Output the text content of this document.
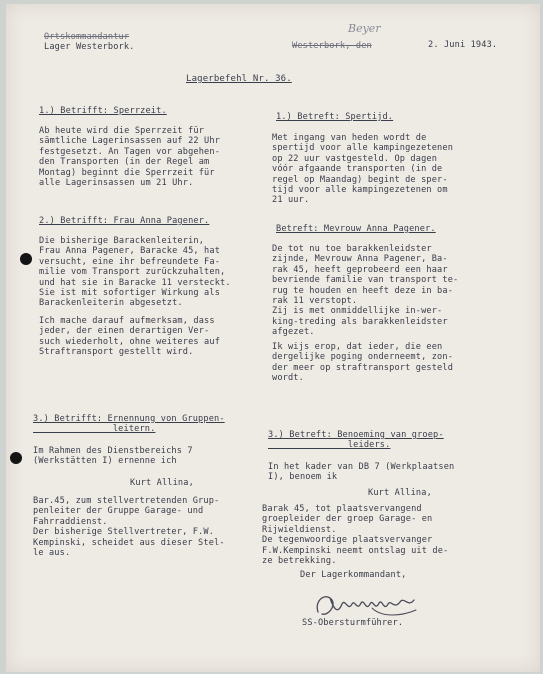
Ortskommandantur
Lager Westerbork.
Beyer
Westerbork, den	2. Juni 1943.
Lagerbefehl Nr. 36.
1.) Betrifft: Sperrzeit.
Ab heute wird die Sperrzeit für
sämtliche Lagerinsassen auf 22 Uhr
festgesetzt. An Tagen vor abgehen-
den Transporten (in der Regel am
Montag) beginnt die Sperrzeit für
alle Lagerinsassen um 21 Uhr.
1.) Betreft: Spertijd.
Met ingang van heden wordt de
spertijd voor alle kampingezetenen
op 22 uur vastgesteld. Op dagen
vóór afgaande transporten (in de
regel op Maandag) begint de sper-
tijd voor alle kampingezetenen om
21 uur.
2.) Betrifft: Frau Anna Pagener.
Die bisherige Barackenleiterin,
Frau Anna Pagener, Baracke 45, hat
versucht, eine ihr befreundete Fa-
milie vom Transport zurückzuhalten,
und hat sie in Baracke 11 versteckt.
Sie ist mit sofortiger Wirkung als
Barackenleiterin abgesetzt.
Ich mache darauf aufmerksam, dass
jeder, der einen derartigen Ver-
such wiederholt, ohne weiteres auf
Straftransport gestellt wird.
Betreft: Mevrouw Anna Pagener.
De tot nu toe barakkenleidster
zijnde, Mevrouw Anna Pagener, Ba-
rak 45, heeft geprobeerd een haar
bevriende familie van transport te-
rug te houden en heeft deze in ba-
rak 11 verstopt.
Zij is met onmiddellijke in-wer-
king-treding als barakkenleidster
afgezet.
Ik wijs erop, dat ieder, die een
dergelijke poging onderneemt, zon-
der meer op straftransport gesteld
wordt.
3.) Betrifft: Ernennung von Gruppen-
leitern.
Im Rahmen des Dienstbereichs 7
(Werkstätten I) ernenne ich
Kurt Allina,
Bar.45, zum stellvertretenden Grup-
penleiter der Gruppe Garage- und
Fahrraddienst.
Der bisherige Stellvertreter, F.W.
Kempinski, scheidet aus dieser Stel-
le aus.
3.) Betreft: Benoeming van groep-
leiders.
In het kader van DB 7 (Werkplaatsen
I), benoem ik
Kurt Allina,
Barak 45, tot plaatsvervangend
groepleider der groep Garage- en
Rijwieldienst.
De tegenwoordige plaatsvervanger
F.W.Kempinski neemt ontslag uit de-
ze betrekking.
Der Lagerkommandant,
SS-Obersturmführer.
